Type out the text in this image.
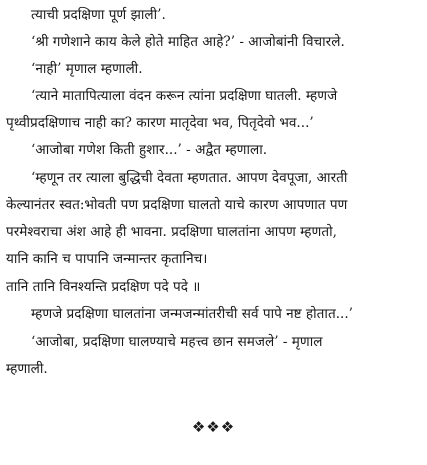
त्याची प्रदक्षिणा पूर्ण झाली’.
‘श्री गणेशाने काय केले होते माहित आहे?’ - आजोबांनी विचारले.
‘नाही’ मृणाल म्हणाली.
‘त्याने मातापित्याला वंदन करून त्यांना प्रदक्षिणा घातली. म्हणजे
पृथ्वीप्रदक्षिणाच नाही का? कारण मातृदेवा भव, पितृदेवो भव...’
‘आजोबा गणेश किती हुशार...’ - अद्वैत म्हणाला.
‘म्हणून तर त्याला बुद्धिची देवता म्हणतात. आपण देवपूजा, आरती
केल्यानंतर स्वत:भोवती पण प्रदक्षिणा घालतो याचे कारण आपणात पण
परमेश्वराचा अंश आहे ही भावना. प्रदक्षिणा घालतांना आपण म्हणतो,
यानि कानि च पापानि जन्मान्तर कृतानिच।
तानि तानि विनश्यन्ति प्रदक्षिण पदे पदे ॥
म्हणजे प्रदक्षिणा घालतांना जन्मजन्मांतरीची सर्व पापे नष्ट होतात...’
‘आजोबा, प्रदक्षिणा घालण्याचे महत्त्व छान समजले’ - मृणाल
म्हणाली.
❖❖❖
